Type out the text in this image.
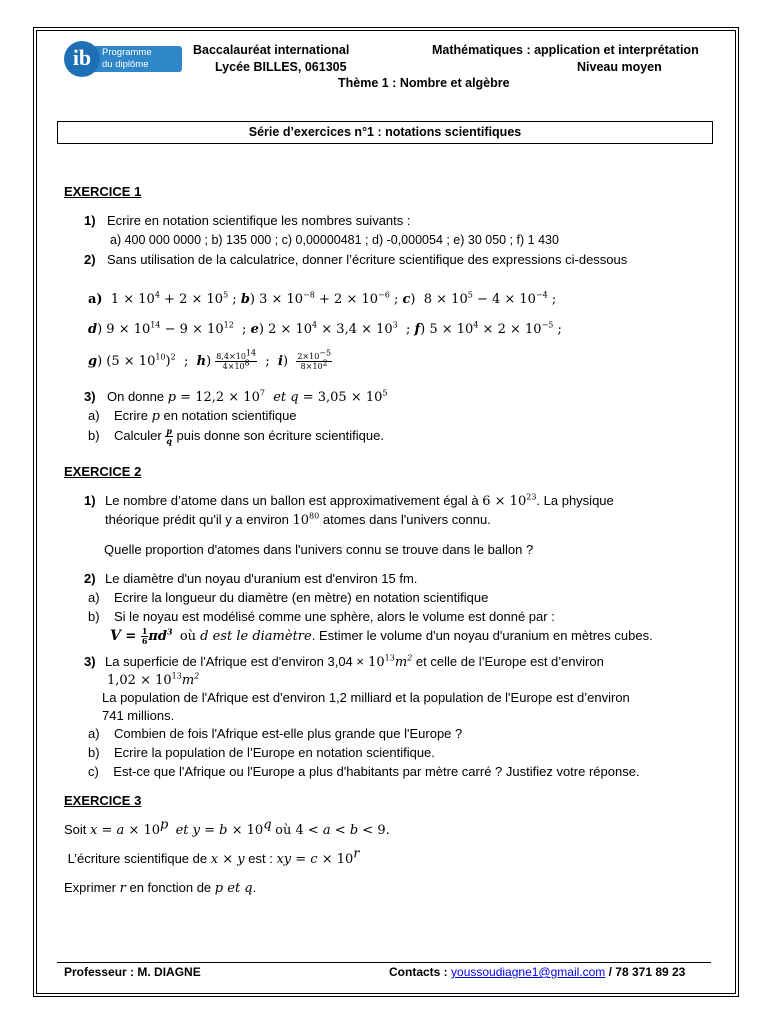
Programme
du diplôme
ib	Baccalauréat international
Lycée BILLES, 061305
Mathématiques : application et interprétation
Niveau moyen
Thème 1 : Nombre et algèbre
Série d’exercices n°1 : notations scientifiques
EXERCICE 1
1) Ecrire en notation scientifique les nombres suivants :
a) 400 000 0000 ; b) 135 000 ; c) 0,00000481 ; d) -0,000054 ; e) 30 050 ; f) 1 430
2) Sans utilisation de la calculatrice, donner l’écriture scientifique des expressions ci-dessous
a)  $1 \times 10^4 + 2 \times 10^5$ ; b) $3 \times 10^{-8} + 2 \times 10^{-6}$ ; c)  $8 \times 10^5 - 4 \times 10^{-4}$ ;
d) $9 \times 10^{14} - 9 \times 10^{12}$  ; e) $2 \times 10^4 \times 3,4 \times 10^3$  ; f) $5 \times 10^4 \times 2 \times 10^{-5}$ ;
g) $(5 \times 10^{10})^2$  ;  $h) \frac{8,4\times 10^{14}}{4\times 10^8}$ ;  $i) \frac{2\times 10^{-5}}{8\times 10^2}$
3) On donne $p = 12,2 \times 10^7$ et $q = 3,05 \times 10^5$
a)    Ecrire p en notation scientifique
b)    Calculer $\frac{p}{q}$ puis donne son écriture scientifique.
EXERCICE 2
1) Le nombre d’atome dans un ballon est approximativement égal à $6 \times 10^{23}$. La physique
théorique prédit qu'il y a environ $10^{80}$ atomes dans l'univers connu.
Quelle proportion d'atomes dans l'univers connu se trouve dans le ballon ?
2) Le diamètre d'un noyau d'uranium est d'environ 15 fm.
a)    Ecrire la longueur du diamètre (en mètre) en notation scientifique
b)    Si le noyau est modélisé comme une sphère, alors le volume est donné par :
$V = \frac{1}{6} \pi d^3$ où d est le diamètre. Estimer le volume d'un noyau d'uranium en mètres cubes.
3) La superficie de l'Afrique est d'environ $3,04 \times 10^{13}m^2$ et celle de l’Europe est d’environ
$1,02 \times 10^{13}m^2$
La population de l'Afrique est d'environ 1,2 milliard et la population de l'Europe est d’environ
741 millions.
a)    Combien de fois l'Afrique est-elle plus grande que l'Europe ?
b)    Ecrire la population de l’Europe en notation scientifique.
c)    Est-ce que l'Afrique ou l'Europe a plus d'habitants par mètre carré ? Justifiez votre réponse.
EXERCICE 3
Soit $x = a \times 10^p$ et $y = b \times 10^q$ où 4 < a < b < 9.
L’écriture scientifique de x × y est : xy = $c \times 10^r$
Exprimer r en fonction de p et q.
Professeur : M. DIAGNE	Contacts : youssoudiagne1@gmail.com / 78 371 89 23
